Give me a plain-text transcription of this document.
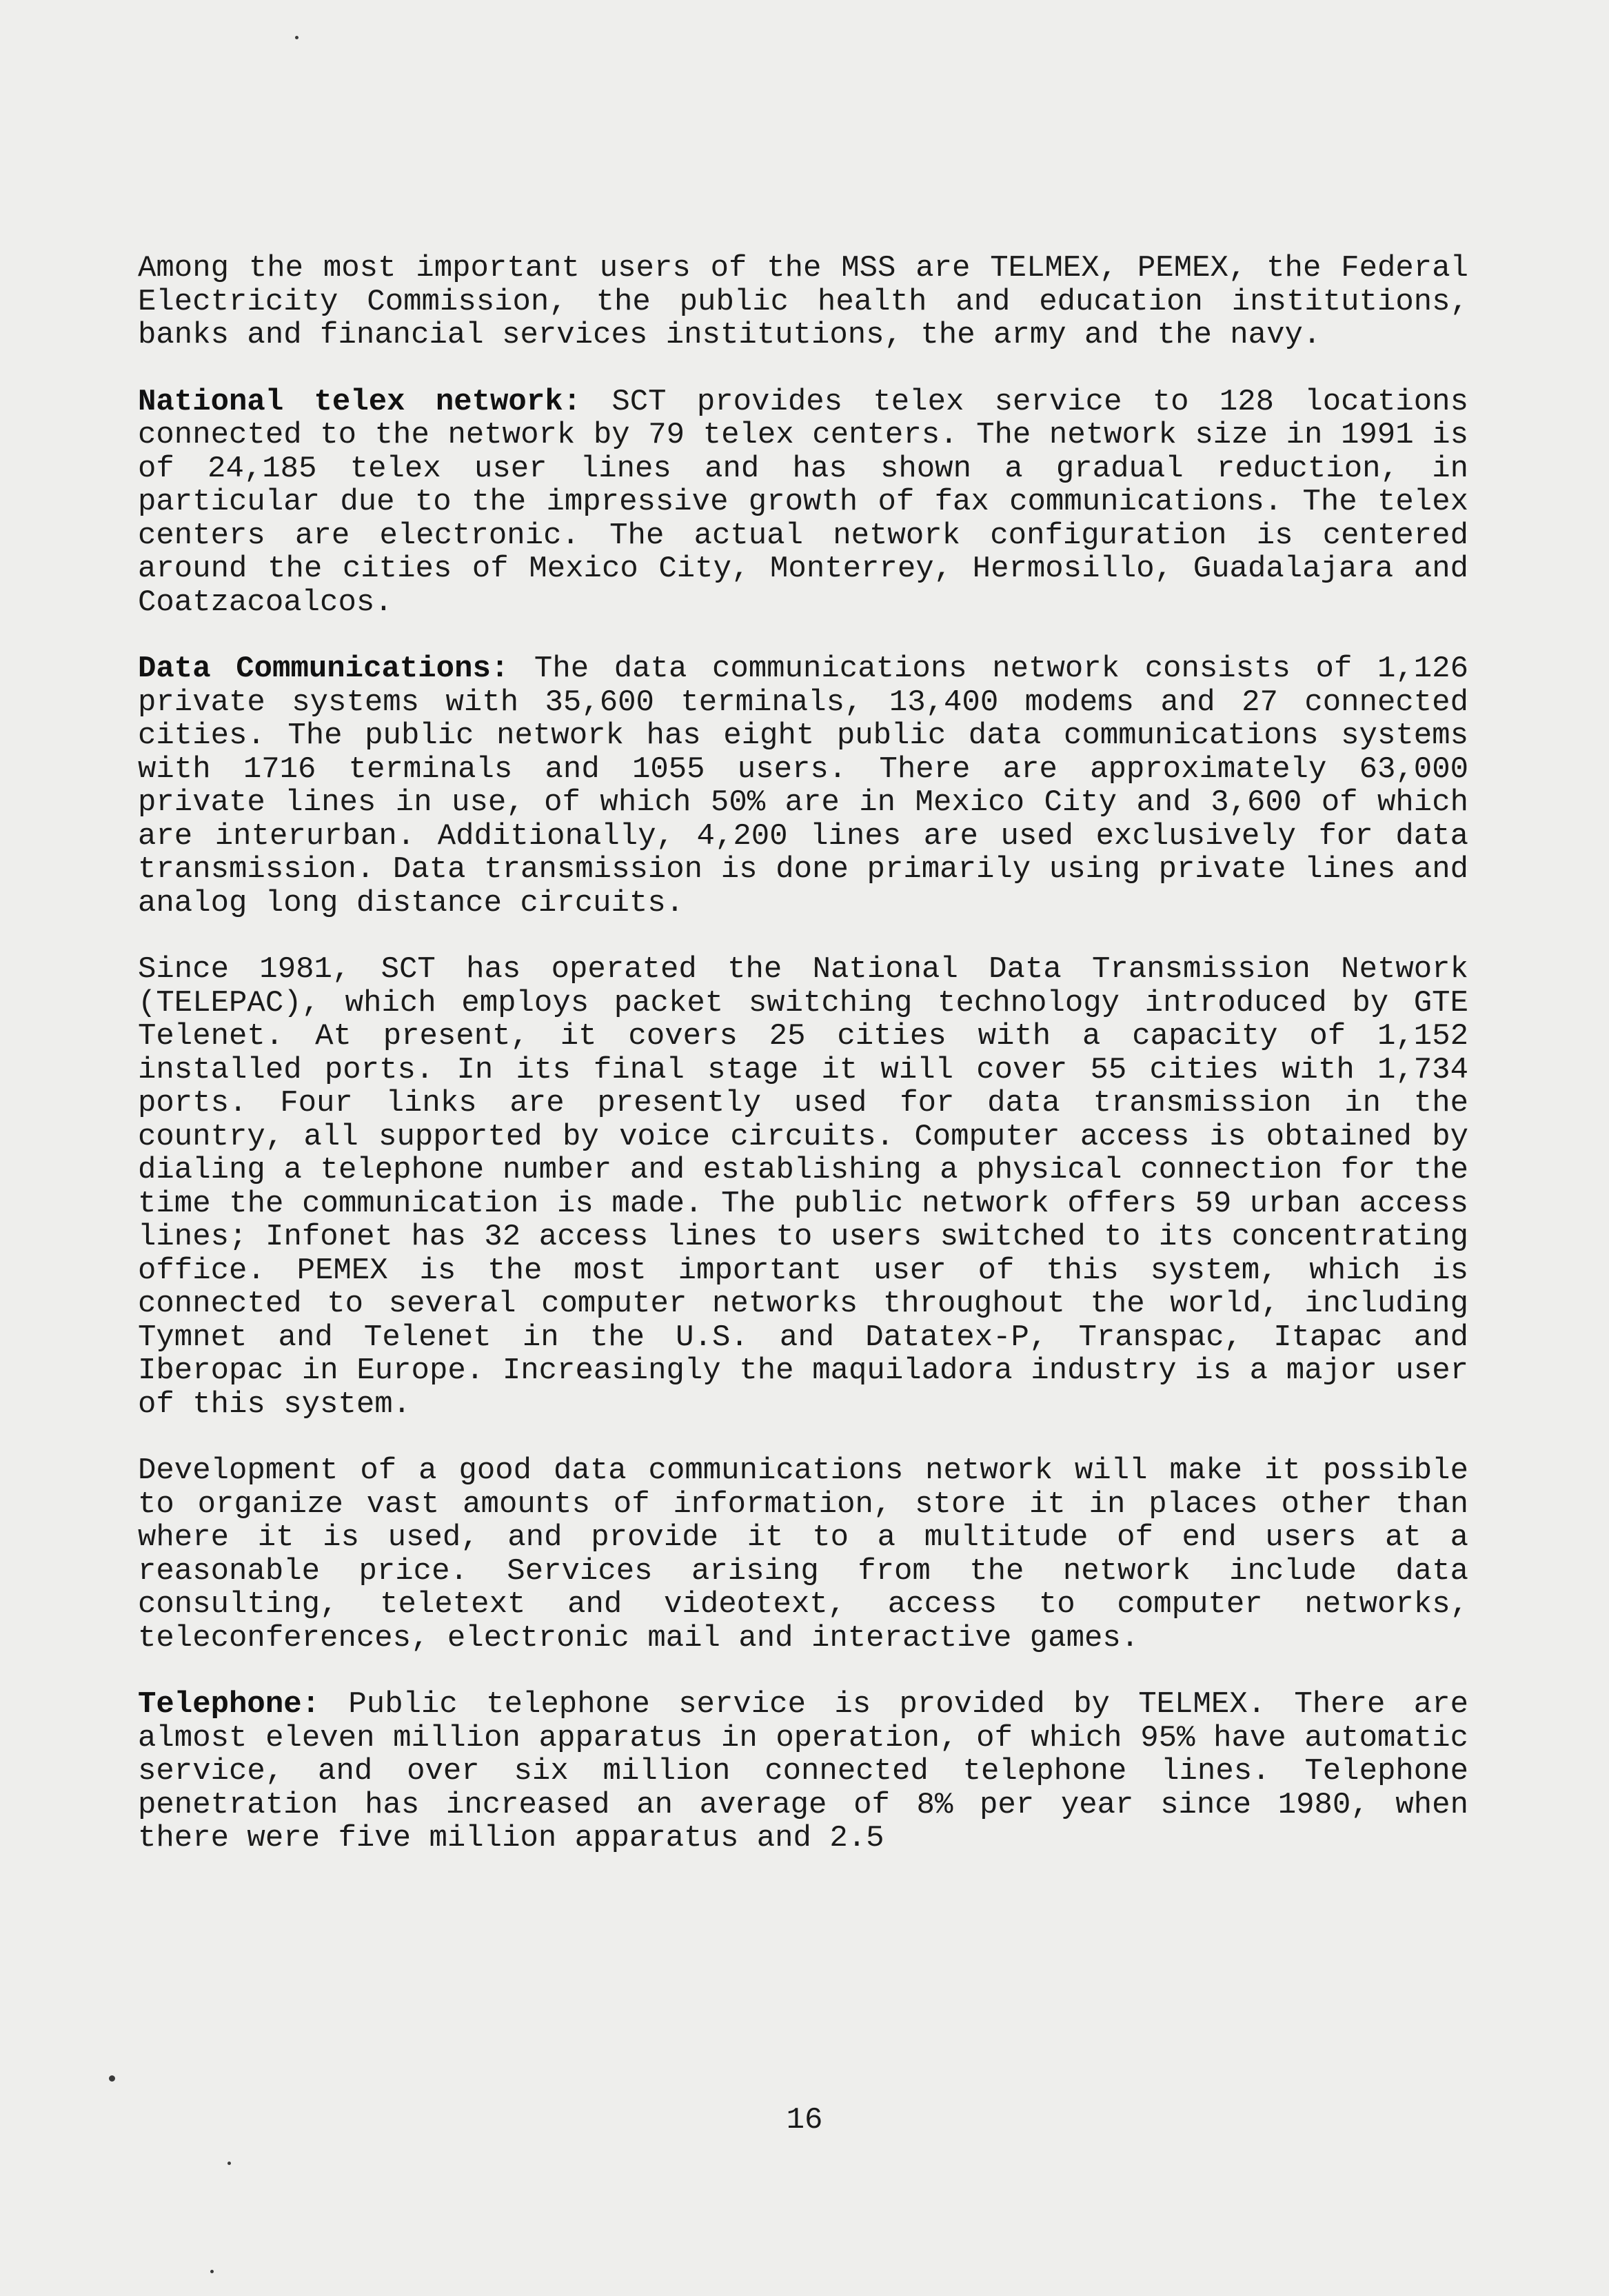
Among the most important users of the MSS are TELMEX, PEMEX, the Federal Electricity Commission, the public health and education institutions, banks and financial services institutions, the army and the navy.

National telex network: SCT provides telex service to 128 locations connected to the network by 79 telex centers. The network size in 1991 is of 24,185 telex user lines and has shown a gradual reduction, in particular due to the impressive growth of fax communications. The telex centers are electronic. The actual network configuration is centered around the cities of Mexico City, Monterrey, Hermosillo, Guadalajara and Coatzacoalcos.

Data Communications: The data communications network consists of 1,126 private systems with 35,600 terminals, 13,400 modems and 27 connected cities. The public network has eight public data communications systems with 1716 terminals and 1055 users. There are approximately 63,000 private lines in use, of which 50% are in Mexico City and 3,600 of which are interurban. Additionally, 4,200 lines are used exclusively for data transmission. Data transmission is done primarily using private lines and analog long distance circuits.

Since 1981, SCT has operated the National Data Transmission Network (TELEPAC), which employs packet switching technology introduced by GTE Telenet. At present, it covers 25 cities with a capacity of 1,152 installed ports. In its final stage it will cover 55 cities with 1,734 ports. Four links are presently used for data transmission in the country, all supported by voice circuits. Computer access is obtained by dialing a telephone number and establishing a physical connection for the time the communication is made. The public network offers 59 urban access lines; Infonet has 32 access lines to users switched to its concentrating office. PEMEX is the most important user of this system, which is connected to several computer networks throughout the world, including Tymnet and Telenet in the U.S. and Datatex-P, Transpac, Itapac and Iberopac in Europe. Increasingly the maquiladora industry is a major user of this system.

Development of a good data communications network will make it possible to organize vast amounts of information, store it in places other than where it is used, and provide it to a multitude of end users at a reasonable price. Services arising from the network include data consulting, teletext and videotext, access to computer networks, teleconferences, electronic mail and interactive games.

Telephone: Public telephone service is provided by TELMEX. There are almost eleven million apparatus in operation, of which 95% have automatic service, and over six million connected telephone lines. Telephone penetration has increased an average of 8% per year since 1980, when there were five million apparatus and 2.5

16
